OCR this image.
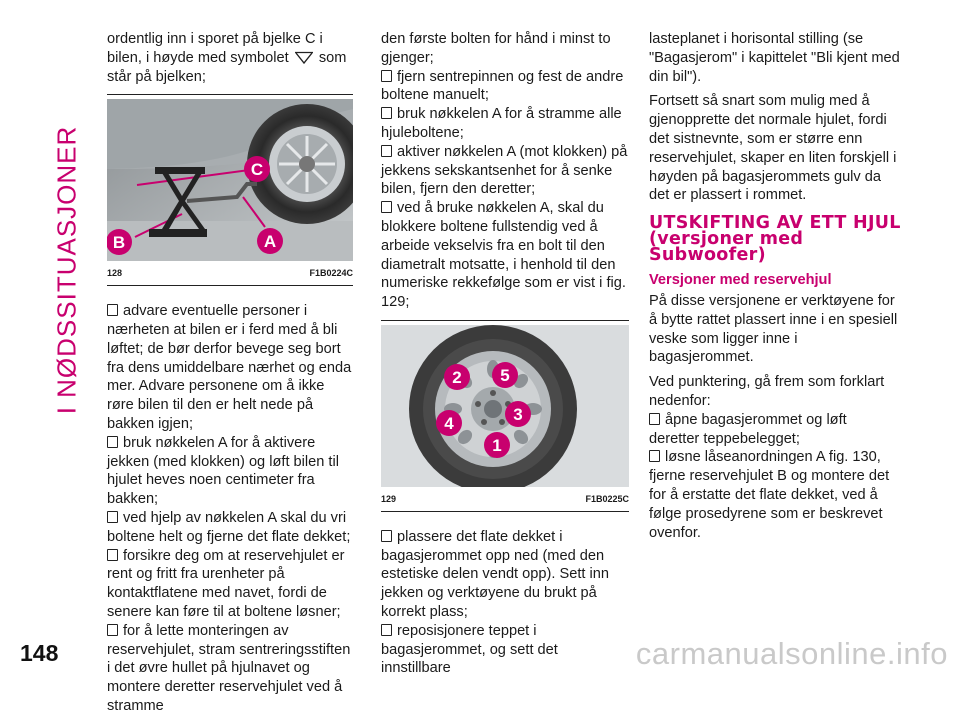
I NØDSSITUASJONER

ordentlig inn i sporet på bjelke C i bilen, i høyde med symbolet som står på bjelken;

C
B	A
128	F1B0224C

advare eventuelle personer i nærheten at bilen er i ferd med å bli løftet; de bør derfor bevege seg bort fra dens umiddelbare nærhet og enda mer. Advare personene om å ikke røre bilen til den er helt nede på bakken igjen;

bruk nøkkelen A for å aktivere jekken (med klokken) og løft bilen til hjulet heves noen centimeter fra bakken;

ved hjelp av nøkkelen A skal du vri boltene helt og fjerne det flate dekket;

forsikre deg om at reservehjulet er rent og fritt fra urenheter på kontaktflatene med navet, fordi de senere kan føre til at boltene løsner;

for å lette monteringen av reservehjulet, stram sentreringsstiften i det øvre hullet på hjulnavet og montere deretter reservehjulet ved å stramme

den første bolten for hånd i minst to gjenger;

fjern sentrepinnen og fest de andre boltene manuelt;

bruk nøkkelen A for å stramme alle hjuleboltene;

aktiver nøkkelen A (mot klokken) på jekkens sekskantsenhet for å senke bilen, fjern den deretter;

ved å bruke nøkkelen A, skal du blokkere boltene fullstendig ved å arbeide vekselvis fra en bolt til den diametralt motsatte, i henhold til den numeriske rekkefølge som er vist i fig. 129;

2 5
3
4
1
129	F1B0225C

plassere det flate dekket i bagasjerommet opp ned (med den estetiske delen vendt opp). Sett inn jekken og verktøyene du brukt på korrekt plass;

reposisjonere teppet i bagasjerommet, og sett det innstillbare

lasteplanet i horisontal stilling (se "Bagasjerom" i kapittelet "Bli kjent med din bil").

Fortsett så snart som mulig med å gjenopprette det normale hjulet, fordi det sistnevnte, som er større enn reservehjulet, skaper en liten forskjell i høyden på bagasjerommets gulv da det er plassert i rommet.

UTSKIFTING AV ETT HJUL (versjoner med Subwoofer)
Versjoner med reservehjul

På disse versjonene er verktøyene for å bytte rattet plassert inne i en spesiell veske som ligger inne i bagasjerommet.

Ved punktering, gå frem som forklart nedenfor:

åpne bagasjerommet og løft deretter teppebelegget;

løsne låseanordningen A fig. 130, fjerne reservehjulet B og montere det for å erstatte det flate dekket, ved å følge prosedyrene som er beskrevet ovenfor.

148	carmanualsonline.info
